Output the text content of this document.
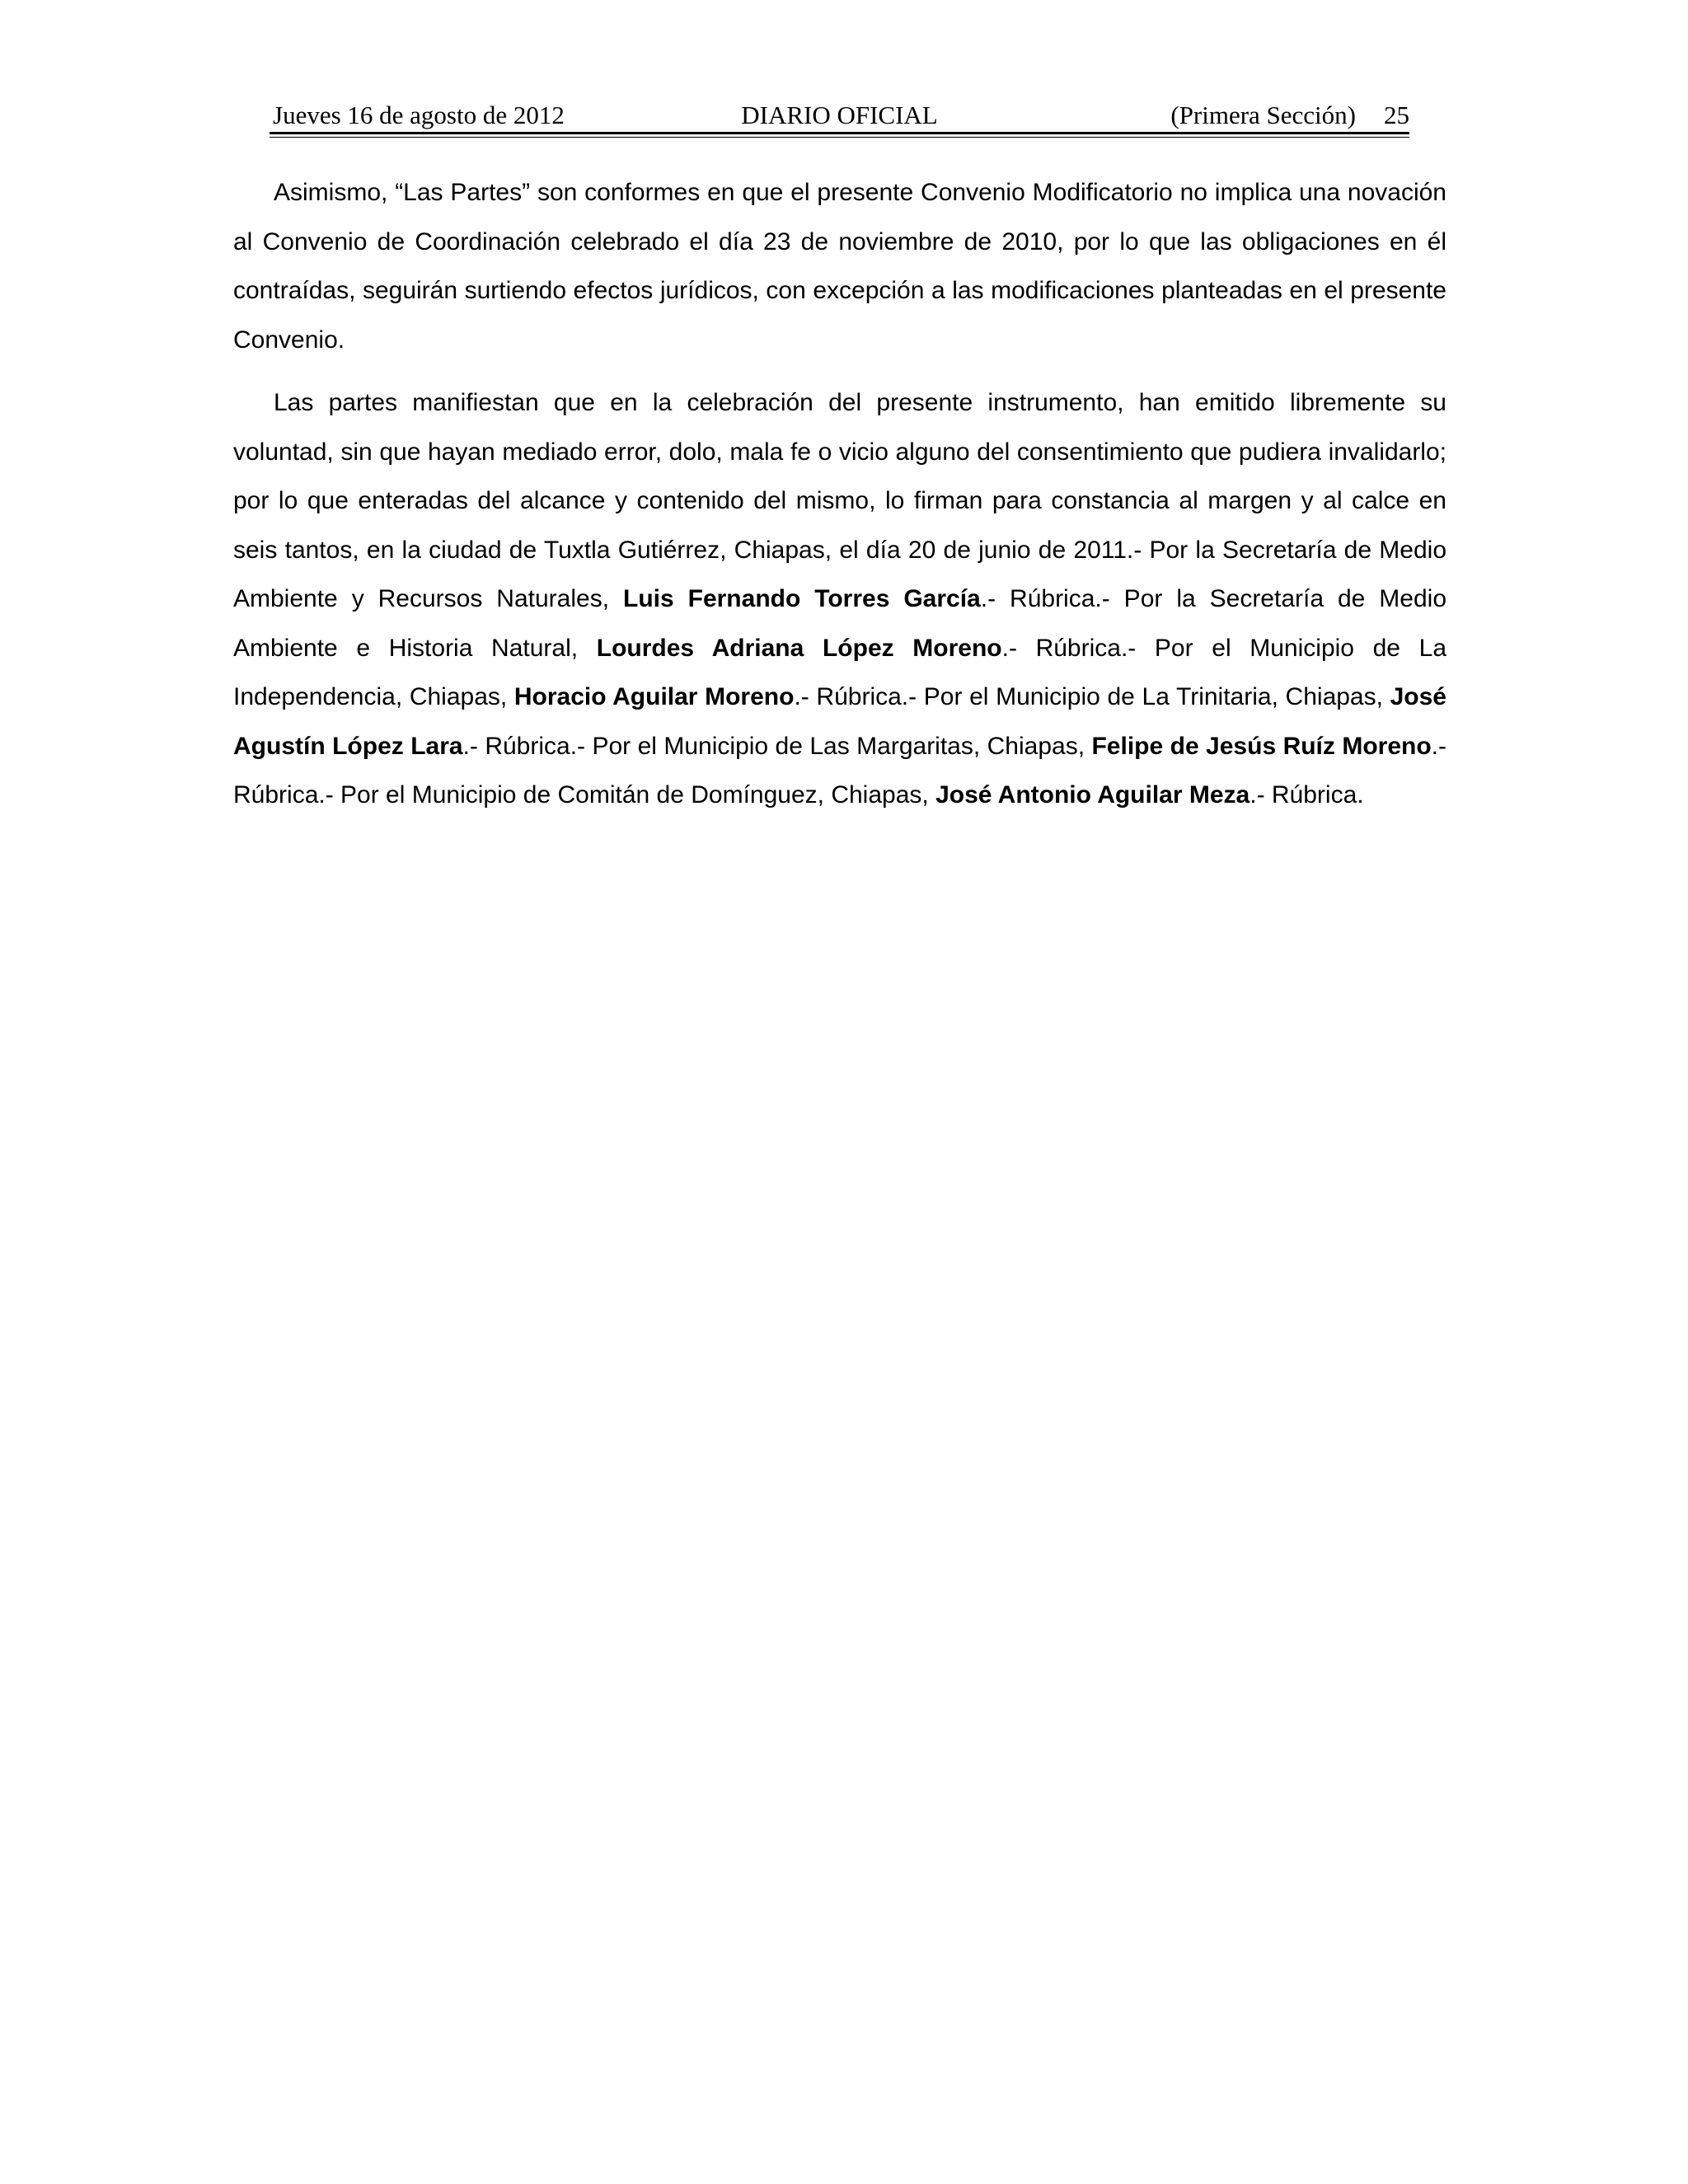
Jueves 16 de agosto de 2012	DIARIO OFICIAL	(Primera Sección) 25

Asimismo, “Las Partes” son conformes en que el presente Convenio Modificatorio no implica una novación al Convenio de Coordinación celebrado el día 23 de noviembre de 2010, por lo que las obligaciones en él contraídas, seguirán surtiendo efectos jurídicos, con excepción a las modificaciones planteadas en el presente Convenio.

Las partes manifiestan que en la celebración del presente instrumento, han emitido libremente su voluntad, sin que hayan mediado error, dolo, mala fe o vicio alguno del consentimiento que pudiera invalidarlo; por lo que enteradas del alcance y contenido del mismo, lo firman para constancia al margen y al calce en seis tantos, en la ciudad de Tuxtla Gutiérrez, Chiapas, el día 20 de junio de 2011.- Por la Secretaría de Medio Ambiente y Recursos Naturales, Luis Fernando Torres García.- Rúbrica.- Por la Secretaría de Medio Ambiente e Historia Natural, Lourdes Adriana López Moreno.- Rúbrica.- Por el Municipio de La Independencia, Chiapas, Horacio Aguilar Moreno.- Rúbrica.- Por el Municipio de La Trinitaria, Chiapas, José Agustín López Lara.- Rúbrica.- Por el Municipio de Las Margaritas, Chiapas, Felipe de Jesús Ruíz Moreno.- Rúbrica.- Por el Municipio de Comitán de Domínguez, Chiapas, José Antonio Aguilar Meza.- Rúbrica.
